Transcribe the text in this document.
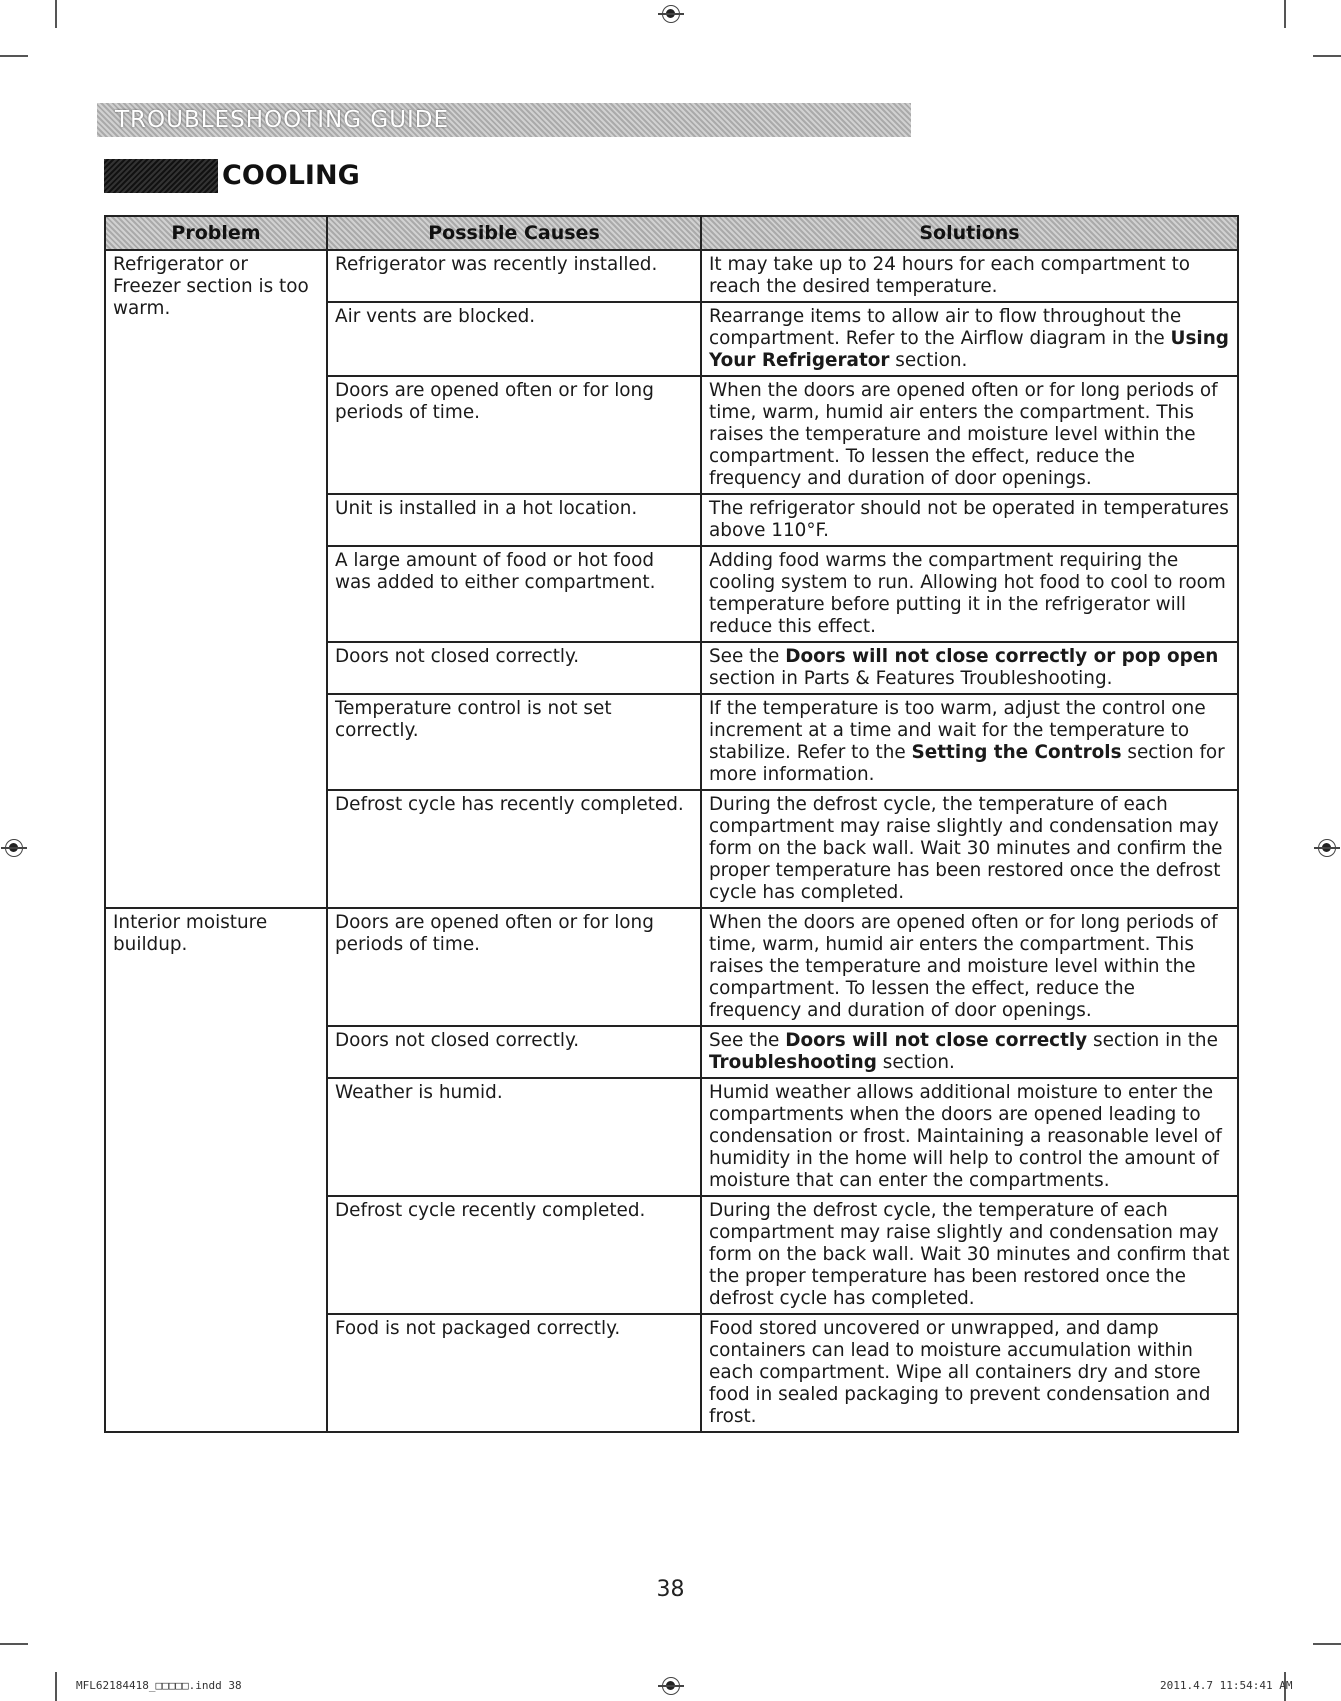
TROUBLESHOOTING GUIDE
COOLING
Problem	Possible Causes	Solutions
Refrigerator or Freezer section is too warm.	Refrigerator was recently installed.	It may take up to 24 hours for each compartment to reach the desired temperature.
	Air vents are blocked.	Rearrange items to allow air to flow throughout the compartment. Refer to the Airflow diagram in the Using Your Refrigerator section.
	Doors are opened often or for long periods of time.	When the doors are opened often or for long periods of time, warm, humid air enters the compartment. This raises the temperature and moisture level within the compartment. To lessen the effect, reduce the frequency and duration of door openings.
	Unit is installed in a hot location.	The refrigerator should not be operated in temperatures above 110°F.
	A large amount of food or hot food was added to either compartment.	Adding food warms the compartment requiring the cooling system to run. Allowing hot food to cool to room temperature before putting it in the refrigerator will reduce this effect.
	Doors not closed correctly.	See the Doors will not close correctly or pop open section in Parts & Features Troubleshooting.
	Temperature control is not set correctly.	If the temperature is too warm, adjust the control one increment at a time and wait for the temperature to stabilize. Refer to the Setting the Controls section for more information.
	Defrost cycle has recently completed.	During the defrost cycle, the temperature of each compartment may raise slightly and condensation may form on the back wall. Wait 30 minutes and confirm the proper temperature has been restored once the defrost cycle has completed.
Interior moisture buildup.	Doors are opened often or for long periods of time.	When the doors are opened often or for long periods of time, warm, humid air enters the compartment. This raises the temperature and moisture level within the compartment. To lessen the effect, reduce the frequency and duration of door openings.
	Doors not closed correctly.	See the Doors will not close correctly section in the Troubleshooting section.
	Weather is humid.	Humid weather allows additional moisture to enter the compartments when the doors are opened leading to condensation or frost. Maintaining a reasonable level of humidity in the home will help to control the amount of moisture that can enter the compartments.
	Defrost cycle recently completed.	During the defrost cycle, the temperature of each compartment may raise slightly and condensation may form on the back wall. Wait 30 minutes and confirm that the proper temperature has been restored once the defrost cycle has completed.
	Food is not packaged correctly.	Food stored uncovered or unwrapped, and damp containers can lead to moisture accumulation within each compartment. Wipe all containers dry and store food in sealed packaging to prevent condensation and frost.
38
MFL62184418_□□□□□.indd 38	2011.4.7 11:54:41 AM
